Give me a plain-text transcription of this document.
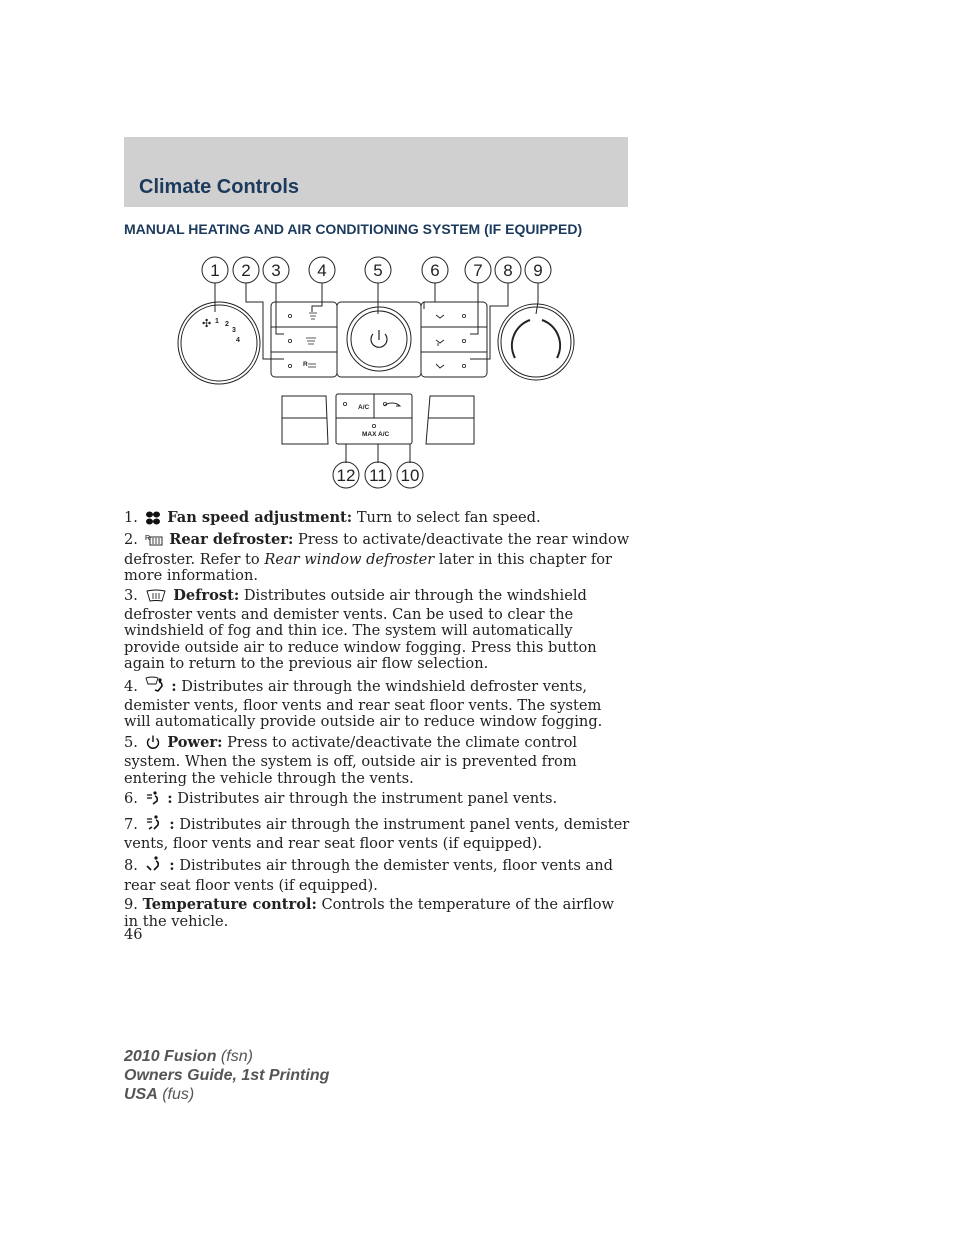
Climate Controls
MANUAL HEATING AND AIR CONDITIONING SYSTEM (IF EQUIPPED)
1 2
3
4
✣
A/C
MAX A/C
R
1 2 3 4	5	6 7 8 9
12 11 10

1. Fan speed adjustment: Turn to select fan speed.

2. R Rear defroster: Press to activate/deactivate the rear window defroster. Refer to Rear window defroster later in this chapter for more information.

3. Defrost: Distributes outside air through the windshield defroster vents and demister vents. Can be used to clear the windshield of fog and thin ice. The system will automatically provide outside air to reduce window fogging. Press this button again to return to the previous air flow selection.

4. : Distributes air through the windshield defroster vents, demister vents, floor vents and rear seat floor vents. The system will automatically provide outside air to reduce window fogging.

5. Power: Press to activate/deactivate the climate control system. When the system is off, outside air is prevented from entering the vehicle through the vents.

6. : Distributes air through the instrument panel vents.

7. : Distributes air through the instrument panel vents, demister vents, floor vents and rear seat floor vents (if equipped).

8. : Distributes air through the demister vents, floor vents and rear seat floor vents (if equipped).

9. Temperature control: Controls the temperature of the airflow in the vehicle.

46
2010 Fusion (fsn)
Owners Guide, 1st Printing
USA (fus)
